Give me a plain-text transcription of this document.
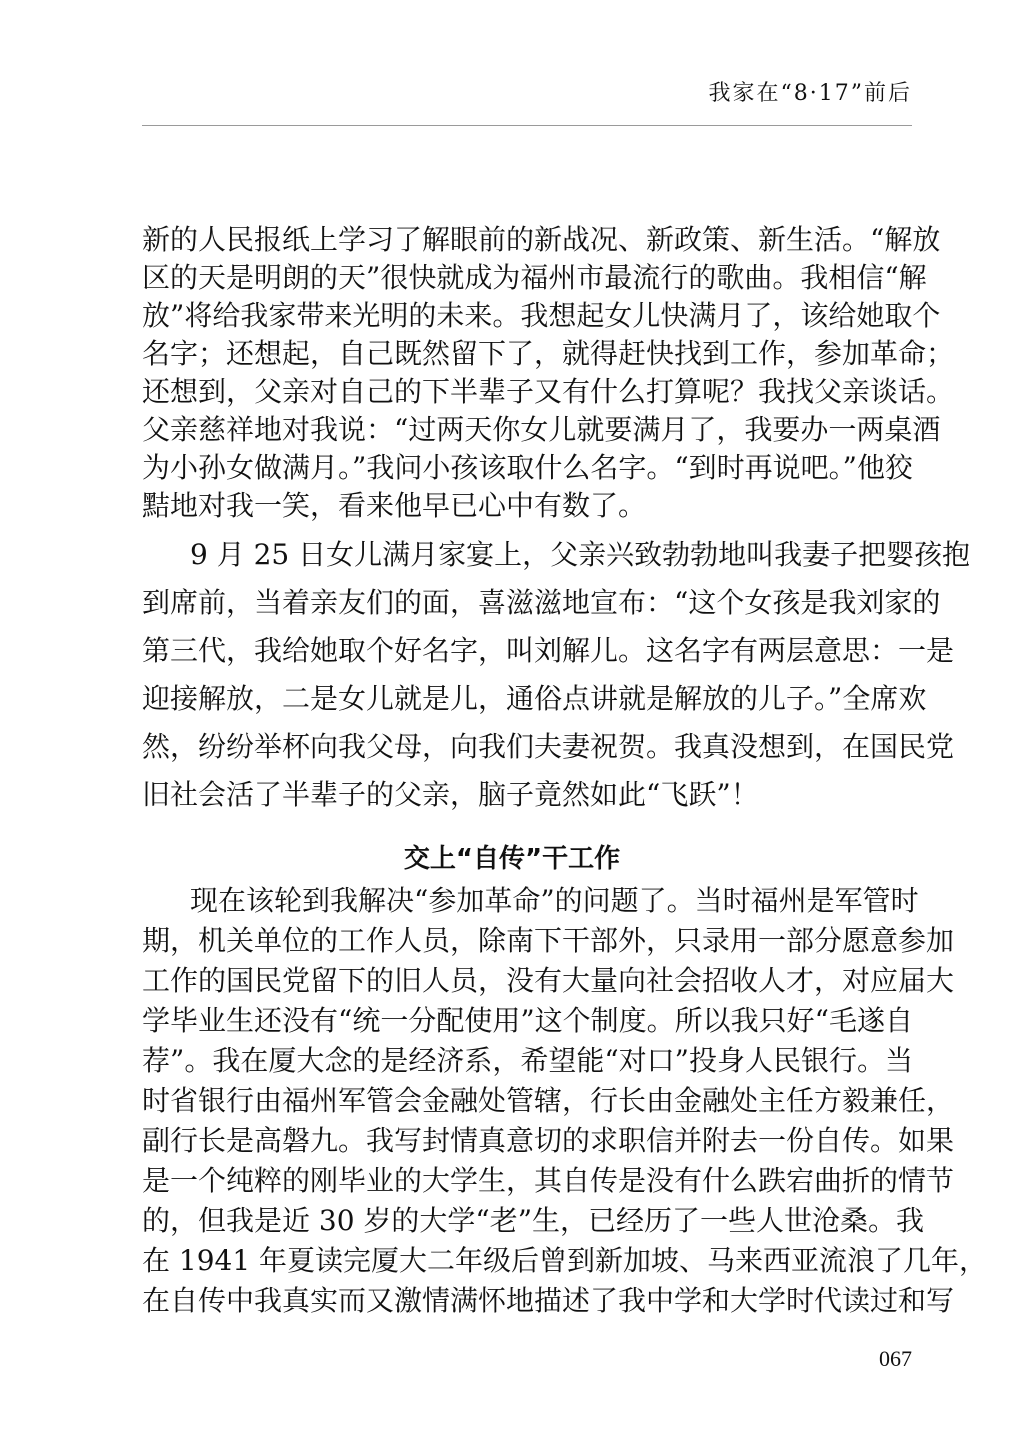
我家在“8·17”前后
新的人民报纸上学习了解眼前的新战况、新政策、新生活。“解放
区的天是明朗的天”很快就成为福州市最流行的歌曲。我相信“解
放”将给我家带来光明的未来。我想起女儿快满月了，该给她取个
名字；还想起，自己既然留下了，就得赶快找到工作，参加革命；
还想到，父亲对自己的下半辈子又有什么打算呢？我找父亲谈话。
父亲慈祥地对我说：“过两天你女儿就要满月了，我要办一两桌酒
为小孙女做满月。”我问小孩该取什么名字。“到时再说吧。”他狡
黠地对我一笑，看来他早已心中有数了。
9 月 25 日女儿满月家宴上，父亲兴致勃勃地叫我妻子把婴孩抱
到席前，当着亲友们的面，喜滋滋地宣布：“这个女孩是我刘家的
第三代，我给她取个好名字，叫刘解儿。这名字有两层意思：一是
迎接解放，二是女儿就是儿，通俗点讲就是解放的儿子。”全席欢
然，纷纷举杯向我父母，向我们夫妻祝贺。我真没想到，在国民党
旧社会活了半辈子的父亲，脑子竟然如此“飞跃”！
交上“自传”干工作
现在该轮到我解决“参加革命”的问题了。当时福州是军管时
期，机关单位的工作人员，除南下干部外，只录用一部分愿意参加
工作的国民党留下的旧人员，没有大量向社会招收人才，对应届大
学毕业生还没有“统一分配使用”这个制度。所以我只好“毛遂自
荐”。我在厦大念的是经济系，希望能“对口”投身人民银行。当
时省银行由福州军管会金融处管辖，行长由金融处主任方毅兼任，
副行长是高磐九。我写封情真意切的求职信并附去一份自传。如果
是一个纯粹的刚毕业的大学生，其自传是没有什么跌宕曲折的情节
的，但我是近 30 岁的大学“老”生，已经历了一些人世沧桑。我
在 1941 年夏读完厦大二年级后曾到新加坡、马来西亚流浪了几年，
在自传中我真实而又激情满怀地描述了我中学和大学时代读过和写
067
